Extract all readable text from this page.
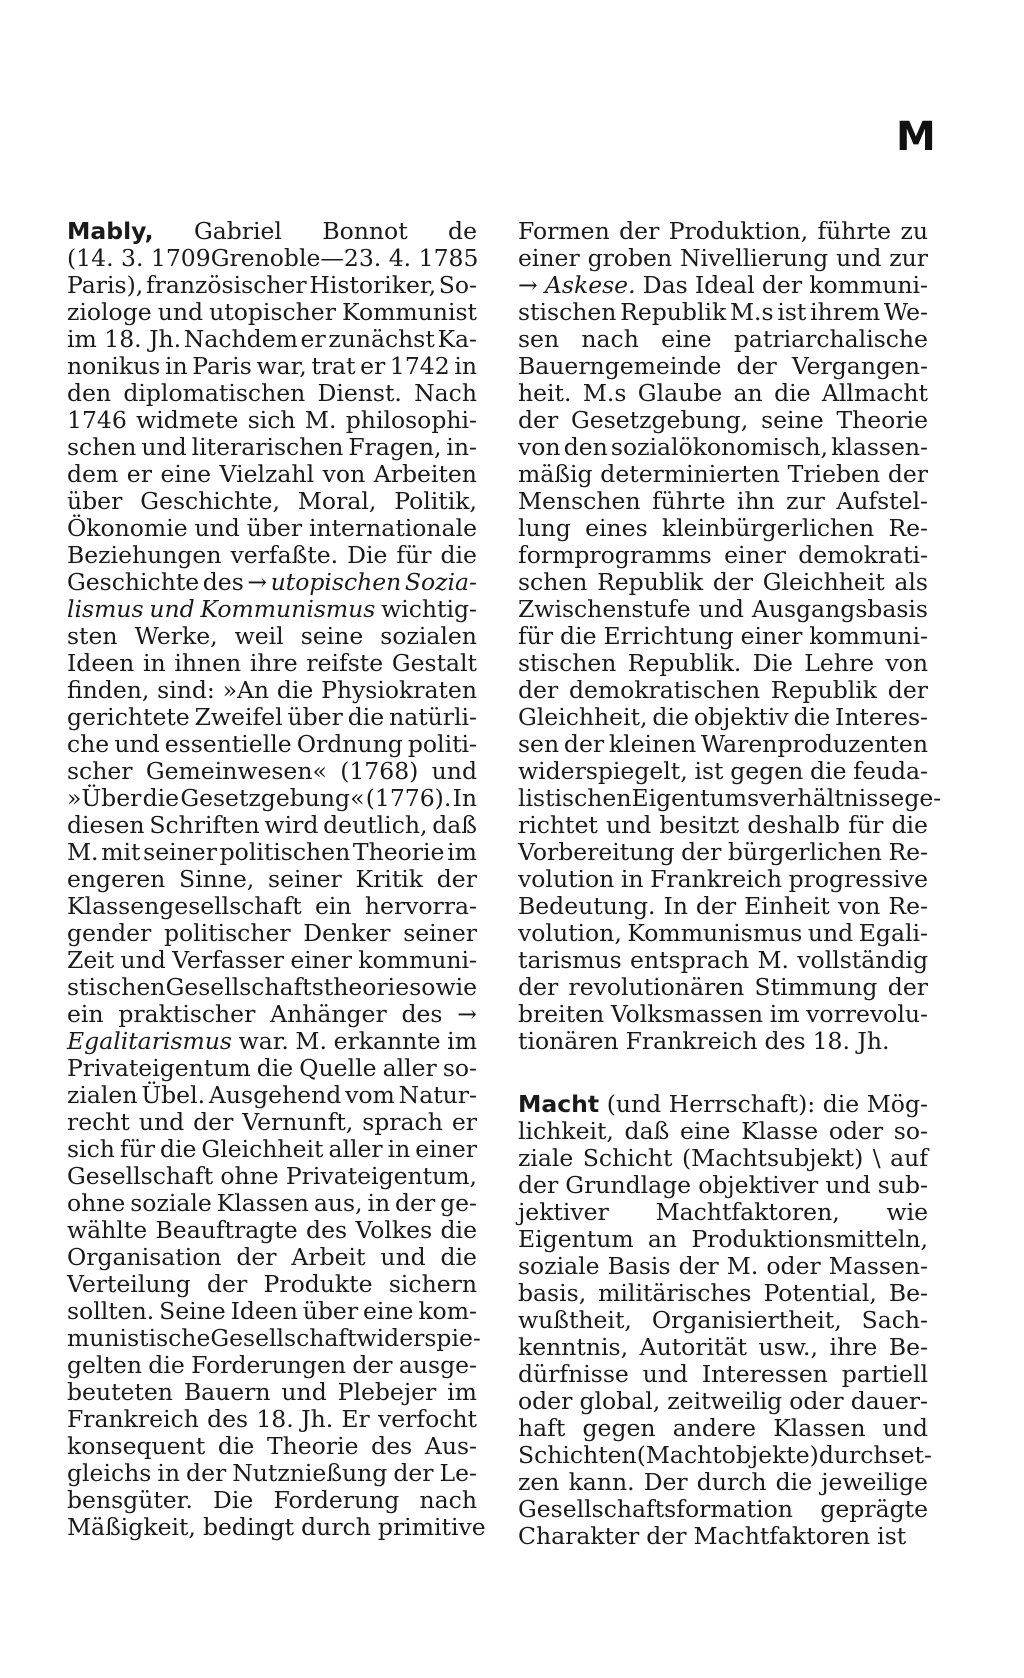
M
Mably, Gabriel Bonnot de
(14. 3. 1709 Grenoble — 23. 4. 1785
Paris), französischer Historiker, So-
ziologe und utopischer Kommunist
im 18. Jh. Nachdem er zunächst Ka-
nonikus in Paris war, trat er 1742 in
den diplomatischen Dienst. Nach
1746 widmete sich M. philosophi-
schen und literarischen Fragen, in-
dem er eine Vielzahl von Arbeiten
über Geschichte, Moral, Politik,
Ökonomie und über internationale
Beziehungen verfaßte. Die für die
Geschichte des → utopischen Sozia-
lismus und Kommunismus wichtig-
sten Werke, weil seine sozialen
Ideen in ihnen ihre reifste Gestalt
finden, sind: »An die Physiokraten
gerichtete Zweifel über die natürli-
che und essentielle Ordnung politi-
scher Gemeinwesen« (1768) und
»Über die Gesetzgebung« (1776). In
diesen Schriften wird deutlich, daß
M. mit seiner politischen Theorie im
engeren Sinne, seiner Kritik der
Klassengesellschaft ein hervorra-
gender politischer Denker seiner
Zeit und Verfasser einer kommuni-
stischen Gesellschaftstheorie sowie
ein praktischer Anhänger des →
Egalitarismus war. M. erkannte im
Privateigentum die Quelle aller so-
zialen Übel. Ausgehend vom Natur-
recht und der Vernunft, sprach er
sich für die Gleichheit aller in einer
Gesellschaft ohne Privateigentum,
ohne soziale Klassen aus, in der ge-
wählte Beauftragte des Volkes die
Organisation der Arbeit und die
Verteilung der Produkte sichern
sollten. Seine Ideen über eine kom-
munistische Gesellschaft widerspie-
gelten die Forderungen der ausge-
beuteten Bauern und Plebejer im
Frankreich des 18. Jh. Er verfocht
konsequent die Theorie des Aus-
gleichs in der Nutznießung der Le-
bensgüter. Die Forderung nach
Mäßigkeit, bedingt durch primitive
Formen der Produktion, führte zu
einer groben Nivellierung und zur
→ Askese. Das Ideal der kommuni-
stischen Republik M.s ist ihrem We-
sen nach eine patriarchalische
Bauerngemeinde der Vergangen-
heit. M.s Glaube an die Allmacht
der Gesetzgebung, seine Theorie
von den sozialökonomisch, klassen-
mäßig determinierten Trieben der
Menschen führte ihn zur Aufstel-
lung eines kleinbürgerlichen Re-
formprogramms einer demokrati-
schen Republik der Gleichheit als
Zwischenstufe und Ausgangsbasis
für die Errichtung einer kommuni-
stischen Republik. Die Lehre von
der demokratischen Republik der
Gleichheit, die objektiv die Interes-
sen der kleinen Warenproduzenten
widerspiegelt, ist gegen die feuda-
listischen Eigentumsverhältnisse ge-
richtet und besitzt deshalb für die
Vorbereitung der bürgerlichen Re-
volution in Frankreich progressive
Bedeutung. In der Einheit von Re-
volution, Kommunismus und Egali-
tarismus entsprach M. vollständig
der revolutionären Stimmung der
breiten Volksmassen im vorrevolu-
tionären Frankreich des 18. Jh.
Macht (und Herrschaft): die Mög-
lichkeit, daß eine Klasse oder so-
ziale Schicht (Machtsubjekt) \ auf
der Grundlage objektiver und sub-
jektiver Machtfaktoren, wie
Eigentum an Produktionsmitteln,
soziale Basis der M. oder Massen-
basis, militärisches Potential, Be-
wußtheit, Organisiertheit, Sach-
kenntnis, Autorität usw., ihre Be-
dürfnisse und Interessen partiell
oder global, zeitweilig oder dauer-
haft gegen andere Klassen und
Schichten (Machtobjekte) durchset-
zen kann. Der durch die jeweilige
Gesellschaftsformation geprägte
Charakter der Machtfaktoren ist
